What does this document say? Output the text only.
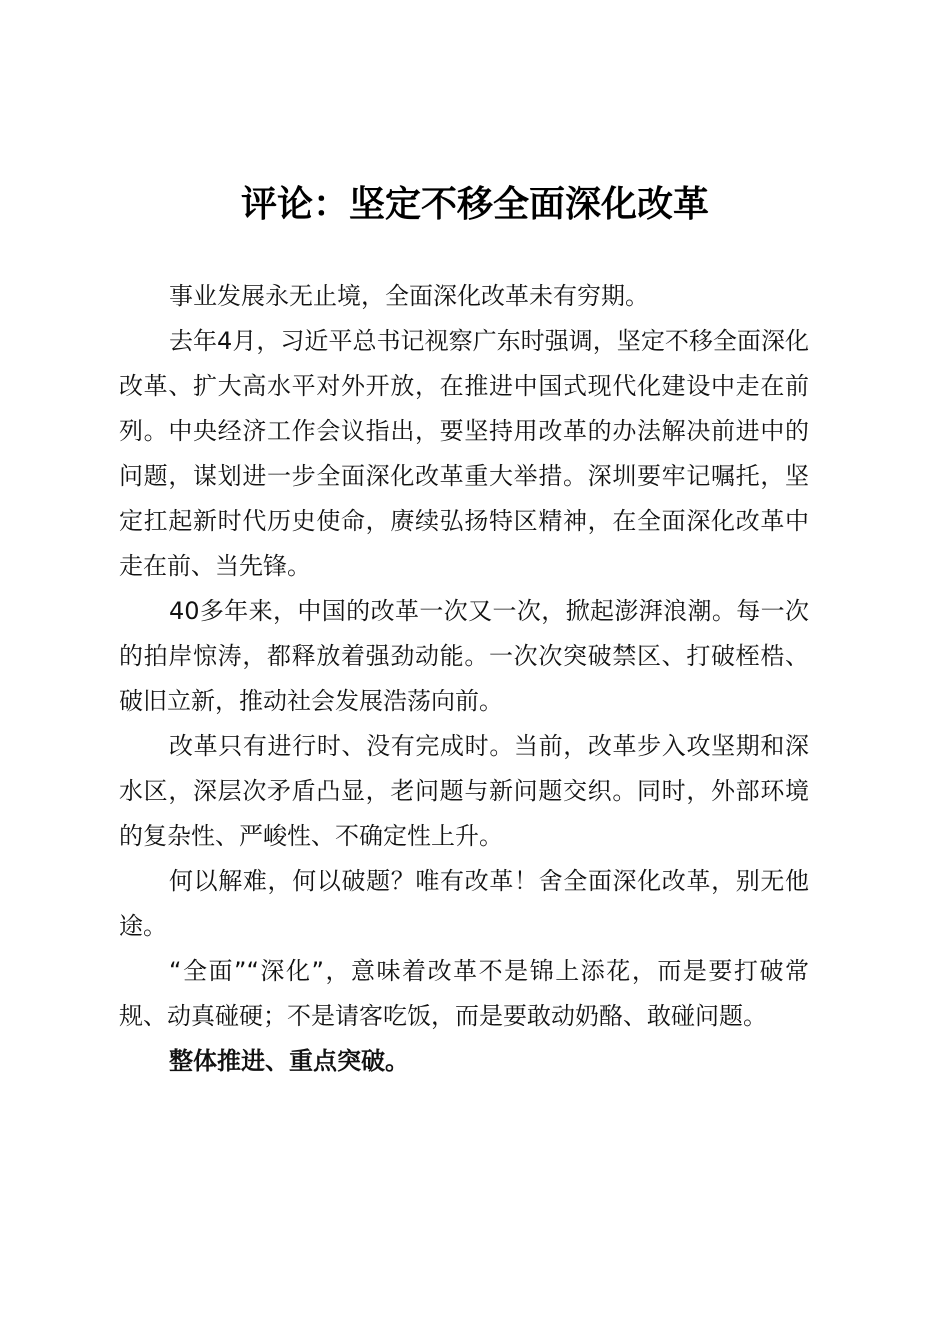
评论：坚定不移全面深化改革

事业发展永无止境，全面深化改革未有穷期。

去年4月，习近平总书记视察广东时强调，坚定不移全面深化改革、扩大高水平对外开放，在推进中国式现代化建设中走在前列。中央经济工作会议指出，要坚持用改革的办法解决前进中的问题，谋划进一步全面深化改革重大举措。深圳要牢记嘱托，坚定扛起新时代历史使命，赓续弘扬特区精神，在全面深化改革中走在前、当先锋。

40多年来，中国的改革一次又一次，掀起澎湃浪潮。每一次的拍岸惊涛，都释放着强劲动能。一次次突破禁区、打破桎梏、破旧立新，推动社会发展浩荡向前。

改革只有进行时、没有完成时。当前，改革步入攻坚期和深水区，深层次矛盾凸显，老问题与新问题交织。同时，外部环境的复杂性、严峻性、不确定性上升。

何以解难，何以破题？唯有改革！舍全面深化改革，别无他途。

“全面”“深化”，意味着改革不是锦上添花，而是要打破常规、动真碰硬；不是请客吃饭，而是要敢动奶酪、敢碰问题。

整体推进、重点突破。
